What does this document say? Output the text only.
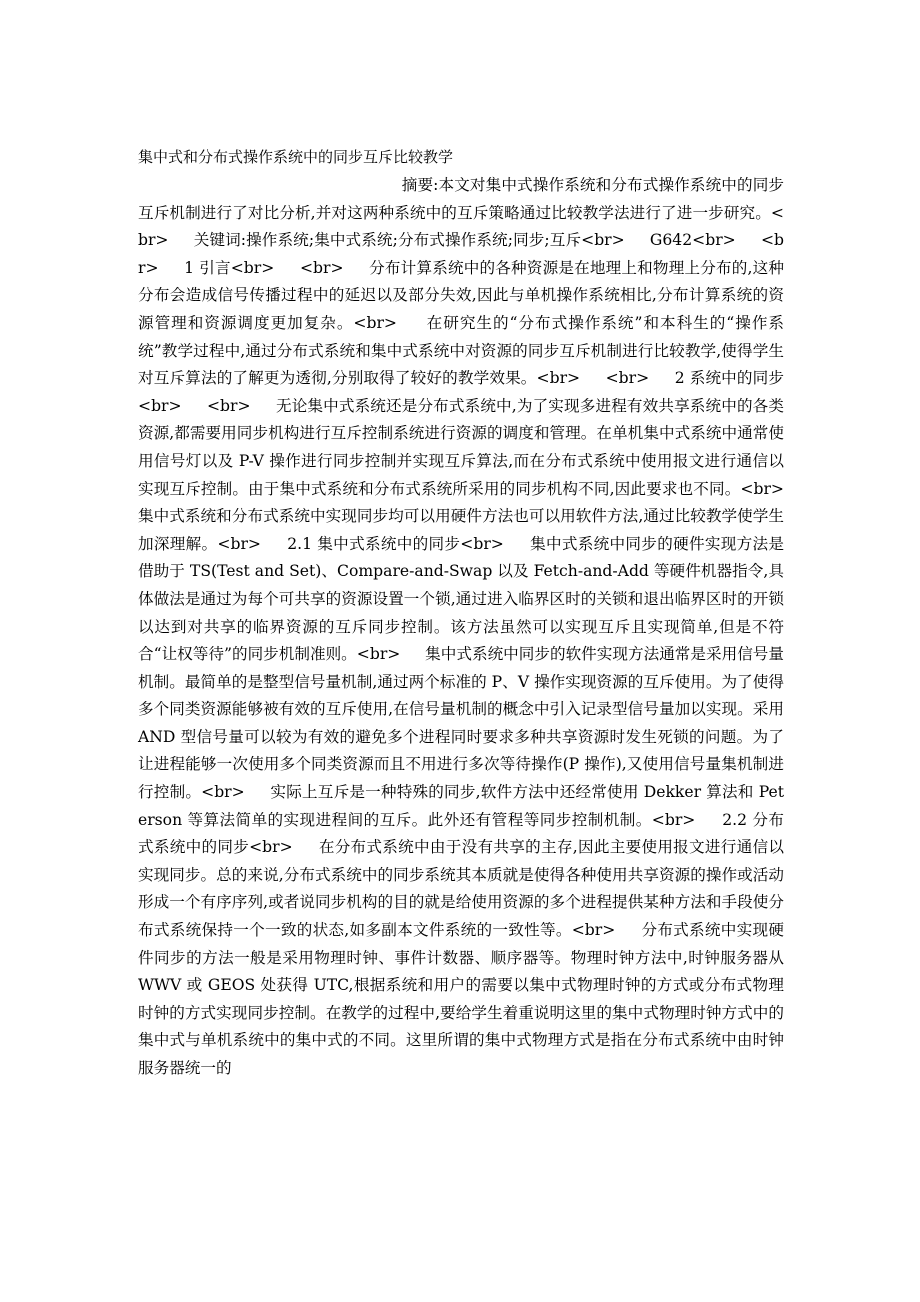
集中式和分布式操作系统中的同步互斥比较教学

摘要:本文对集中式操作系统和分布式操作系统中的同步互斥机制进行了对比分析,并对这两种系统中的互斥策略通过比较教学法进行了进一步研究。<br>     关键词:操作系统;集中式系统;分布式操作系统;同步;互斥<br>     G642<br>     <br>     1 引言<br>     <br>     分布计算系统中的各种资源是在地理上和物理上分布的,这种分布会造成信号传播过程中的延迟以及部分失效,因此与单机操作系统相比,分布计算系统的资源管理和资源调度更加复杂。<br>     在研究生的“分布式操作系统”和本科生的“操作系统”教学过程中,通过分布式系统和集中式系统中对资源的同步互斥机制进行比较教学,使得学生对互斥算法的了解更为透彻,分别取得了较好的教学效果。<br>     <br>     2 系统中的同步<br>     <br>     无论集中式系统还是分布式系统中,为了实现多进程有效共享系统中的各类资源,都需要用同步机构进行互斥控制系统进行资源的调度和管理。在单机集中式系统中通常使用信号灯以及 P-V 操作进行同步控制并实现互斥算法,而在分布式系统中使用报文进行通信以实现互斥控制。由于集中式系统和分布式系统所采用的同步机构不同,因此要求也不同。<br>     集中式系统和分布式系统中实现同步均可以用硬件方法也可以用软件方法,通过比较教学使学生加深理解。<br>     2.1 集中式系统中的同步<br>     集中式系统中同步的硬件实现方法是借助于 TS(Test and Set)、Compare-and-Swap 以及 Fetch-and-Add 等硬件机器指令,具体做法是通过为每个可共享的资源设置一个锁,通过进入临界区时的关锁和退出临界区时的开锁以达到对共享的临界资源的互斥同步控制。该方法虽然可以实现互斥且实现简单,但是不符合“让权等待”的同步机制准则。<br>     集中式系统中同步的软件实现方法通常是采用信号量机制。最简单的是整型信号量机制,通过两个标准的 P、V 操作实现资源的互斥使用。为了使得多个同类资源能够被有效的互斥使用,在信号量机制的概念中引入记录型信号量加以实现。采用 AND 型信号量可以较为有效的避免多个进程同时要求多种共享资源时发生死锁的问题。为了让进程能够一次使用多个同类资源而且不用进行多次等待操作(P 操作),又使用信号量集机制进行控制。<br>     实际上互斥是一种特殊的同步,软件方法中还经常使用 Dekker 算法和 Peterson 等算法简单的实现进程间的互斥。此外还有管程等同步控制机制。<br>     2.2 分布式系统中的同步<br>     在分布式系统中由于没有共享的主存,因此主要使用报文进行通信以实现同步。总的来说,分布式系统中的同步系统其本质就是使得各种使用共享资源的操作或活动形成一个有序序列,或者说同步机构的目的就是给使用资源的多个进程提供某种方法和手段使分布式系统保持一个一致的状态,如多副本文件系统的一致性等。<br>     分布式系统中实现硬件同步的方法一般是采用物理时钟、事件计数器、顺序器等。物理时钟方法中,时钟服务器从 WWV 或 GEOS 处获得 UTC,根据系统和用户的需要以集中式物理时钟的方式或分布式物理时钟的方式实现同步控制。在教学的过程中,要给学生着重说明这里的集中式物理时钟方式中的集中式与单机系统中的集中式的不同。这里所谓的集中式物理方式是指在分布式系统中由时钟服务器统一的
